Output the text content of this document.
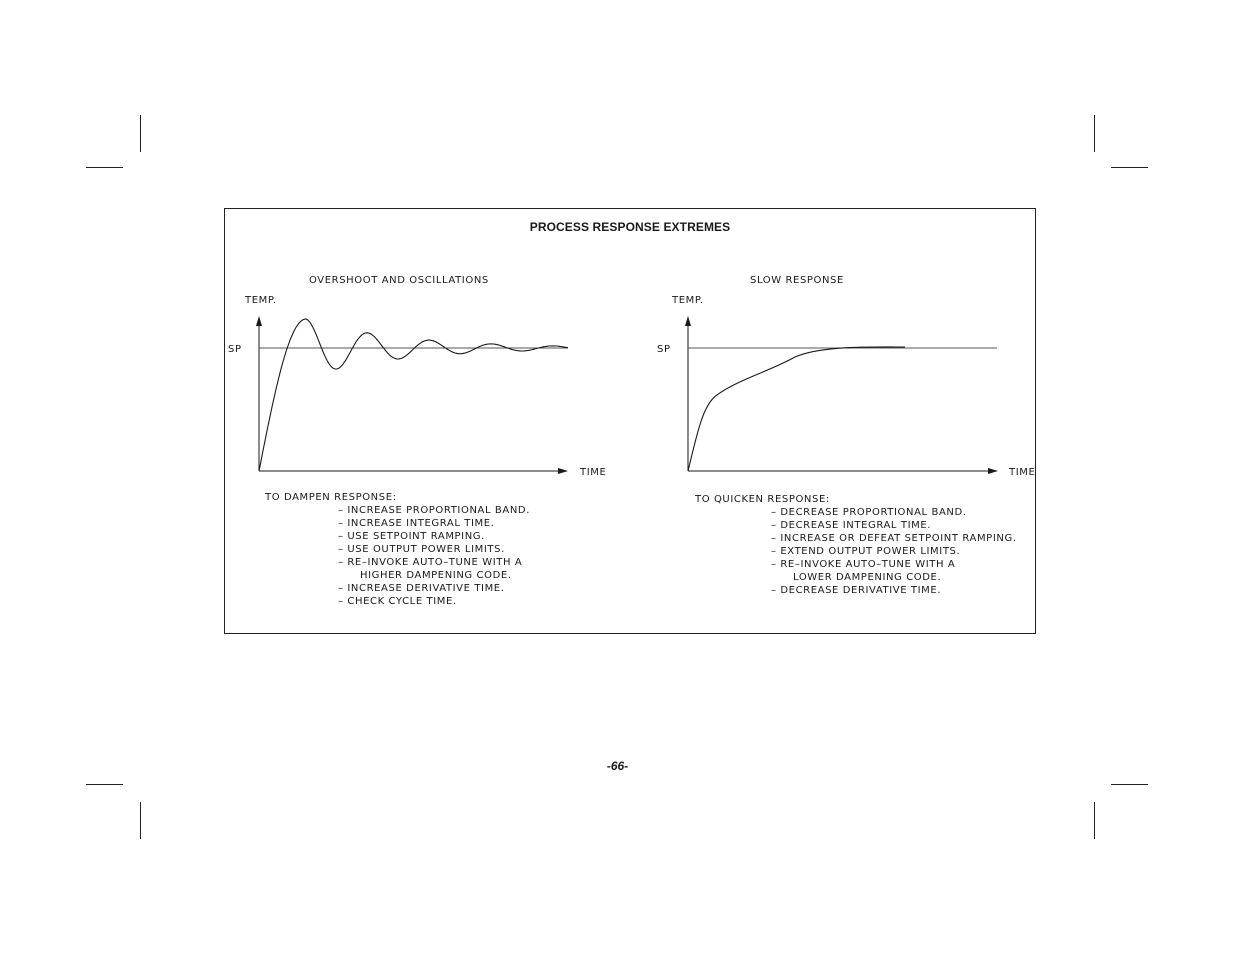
PROCESS RESPONSE EXTREMES
OVERSHOOT AND OSCILLATIONS
TEMP.
SP
TIME
TO DAMPEN RESPONSE:
– INCREASE PROPORTIONAL BAND.
– INCREASE INTEGRAL TIME.
– USE SETPOINT RAMPING.
– USE OUTPUT POWER LIMITS.
– RE–INVOKE AUTO–TUNE WITH A
HIGHER DAMPENING CODE.
– INCREASE DERIVATIVE TIME.
– CHECK CYCLE TIME.
SLOW RESPONSE
TEMP.
SP
TIME
TO QUICKEN RESPONSE:
– DECREASE PROPORTIONAL BAND.
– DECREASE INTEGRAL TIME.
– INCREASE OR DEFEAT SETPOINT RAMPING.
– EXTEND OUTPUT POWER LIMITS.
– RE–INVOKE AUTO–TUNE WITH A
LOWER DAMPENING CODE.
– DECREASE DERIVATIVE TIME.
-66-
